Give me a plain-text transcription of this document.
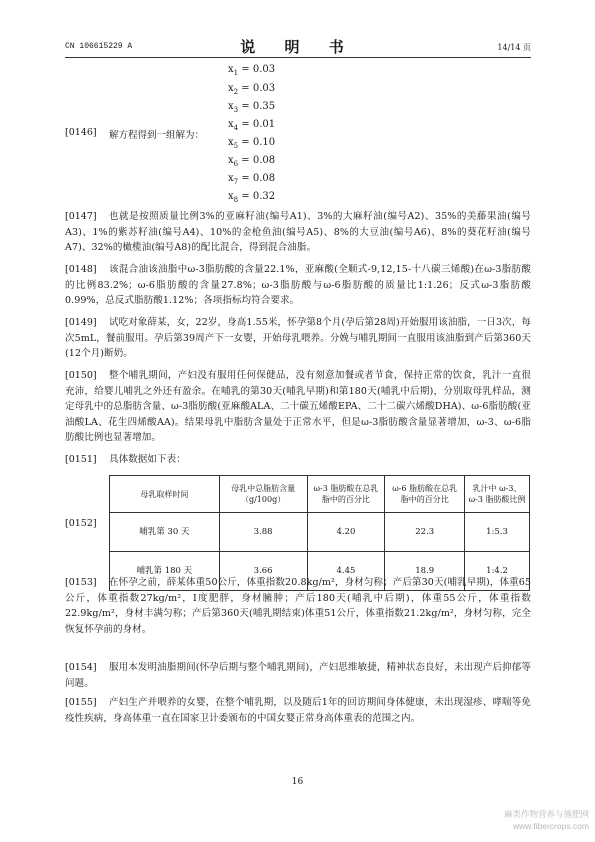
CN 106615229 A	说 明 书	14/14 页
$x_1 = 0.03$
$x_2 = 0.03$
$x_3 = 0.35$
$x_4 = 0.01$
$x_5 = 0.10$
$x_6 = 0.08$
$x_7 = 0.08$
$x_8 = 0.32$
[0146] 解方程得到一组解为：
[0147]	也就是按照质量比例3%的亚麻籽油(编号A1)、3%的大麻籽油(编号A2)、35%的美藤果油(编号A3)、1%的紫苏籽油(编号A4)、10%的金枪鱼油(编号A5)、8%的大豆油(编号A6)、8%的葵花籽油(编号A7)、32%的橄榄油(编号A8)的配比混合，得到混合油脂。
[0148]	该混合油该油脂中ω-3脂肪酸的含量22.1%，亚麻酸(全顺式-9,12,15-十八碳三烯酸)在ω-3脂肪酸的比例83.2%；ω-6脂肪酸的含量27.8%；ω-3脂肪酸与ω-6脂肪酸的质量比1:1.26；反式ω-3脂肪酸0.99%，总反式脂肪酸1.12%；各项指标均符合要求。
[0149]	试吃对象薛某，女，22岁，身高1.55米，怀孕第8个月(孕后第28周)开始服用该油脂，一日3次，每次5mL，餐前服用。孕后第39周产下一女婴，开始母乳喂养。分娩与哺乳期间一直服用该油脂到产后第360天(12个月)断奶。
[0150]	整个哺乳期间，产妇没有服用任何保健品，没有刻意加餐或者节食，保持正常的饮食，乳汁一直很充沛，给婴儿哺乳之外还有盈余。在哺乳的第30天(哺乳早期)和第180天(哺乳中后期)，分别取母乳样品，测定母乳中的总脂肪含量、ω-3脂肪酸(亚麻酸ALA、二十碳五烯酸EPA、二十二碳六烯酸DHA)、ω-6脂肪酸(亚油酸LA、花生四烯酸AA)。结果母乳中脂肪含量处于正常水平，但是ω-3脂肪酸含量显著增加，ω-3、ω-6脂肪酸比例也显著增加。
[0151]	具体数据如下表：
[0152]
母乳取样时间	母乳中总脂肪含量（g/100g）	ω-3 脂肪酸在总乳脂中的百分比	ω-6 脂肪酸在总乳脂中的百分比	乳汁中 ω-3、ω-3 脂肪酸比例
哺乳第 30 天	3.88	4.20	22.3	1:5.3
哺乳第 180 天	3.66	4.45	18.9	1:4.2
[0153]	在怀孕之前，薛某体重50公斤，体重指数20.8kg/m²，身材匀称；产后第30天(哺乳早期)，体重65公斤，体重指数27kg/m²，I度肥胖，身材臃肿；产后180天(哺乳中后期)，体重55公斤，体重指数22.9kg/m²，身材丰满匀称；产后第360天(哺乳期结束)体重51公斤，体重指数21.2kg/m²，身材匀称，完全恢复怀孕前的身材。
[0154]	服用本发明油脂期间(怀孕后期与整个哺乳期间)，产妇思维敏捷，精神状态良好，未出现产后抑郁等问题。
[0155]	产妇生产并喂养的女婴，在整个哺乳期，以及随后1年的回访期间身体健康，未出现湿疹、哮喘等免疫性疾病，身高体重一直在国家卫计委颁布的中国女婴正常身高体重表的范围之内。
16
麻类作物营养与施肥网
www.fibercrops.com
